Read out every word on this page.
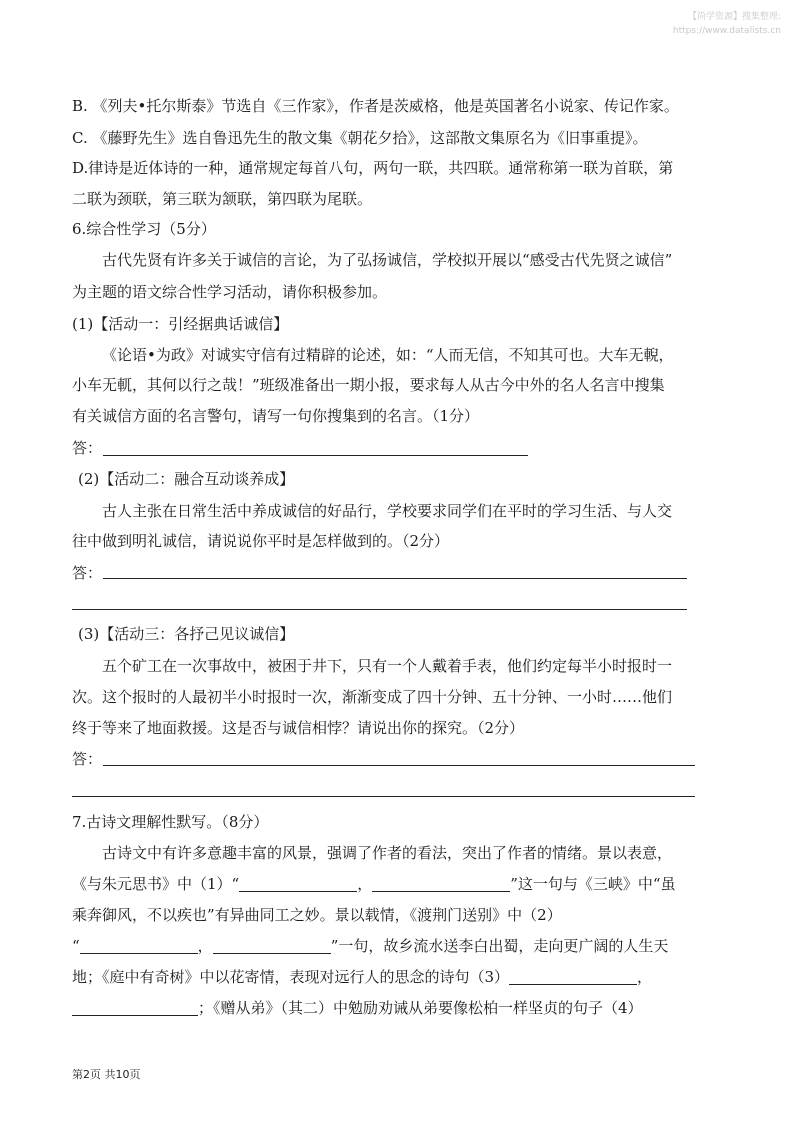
【尚学资源】搜集整理:
https://www.datalists.cn
B. 《列夫•托尔斯泰》节选自《三作家》，作者是茨威格，他是英国著名小说家、传记作家。
C. 《藤野先生》选自鲁迅先生的散文集《朝花夕拾》，这部散文集原名为《旧事重提》。
D.律诗是近体诗的一种，通常规定每首八句，两句一联，共四联。通常称第一联为首联，第
二联为颈联，第三联为颔联，第四联为尾联。
6.综合性学习（5分）
古代先贤有许多关于诚信的言论，为了弘扬诚信，学校拟开展以“感受古代先贤之诚信”
为主题的语文综合性学习活动，请你积极参加。
(1)【活动一：引经据典话诚信】
《论语•为政》对诚实守信有过精辟的论述，如：“人而无信，不知其可也。大车无輗，
小车无軏，其何以行之哉！”班级准备出一期小报，要求每人从古今中外的名人名言中搜集
有关诚信方面的名言警句，请写一句你搜集到的名言。（1分）
答：
(2)【活动二：融合互动谈养成】
古人主张在日常生活中养成诚信的好品行，学校要求同学们在平时的学习生活、与人交
往中做到明礼诚信，请说说你平时是怎样做到的。（2分）
答：
(3)【活动三：各抒己见议诚信】
五个矿工在一次事故中，被困于井下，只有一个人戴着手表，他们约定每半小时报时一
次。这个报时的人最初半小时报时一次，渐渐变成了四十分钟、五十分钟、一小时……他们
终于等来了地面救援。这是否与诚信相悖？请说出你的探究。（2分）
答：
7.古诗文理解性默写。（8分）
古诗文中有许多意趣丰富的风景，强调了作者的看法，突出了作者的情绪。景以表意，
《与朱元思书》中（1）“	，	”这一句与《三峡》中“虽
乘奔御风，不以疾也”有异曲同工之妙。景以载情，《渡荆门送别》中（2）
“	，	”一句，故乡流水送李白出蜀，走向更广阔的人生天
地；《庭中有奇树》中以花寄情，表现对远行人的思念的诗句（3）	，
；《赠从弟》（其二）中勉励劝诫从弟要像松柏一样坚贞的句子（4）
第2页 共10页
